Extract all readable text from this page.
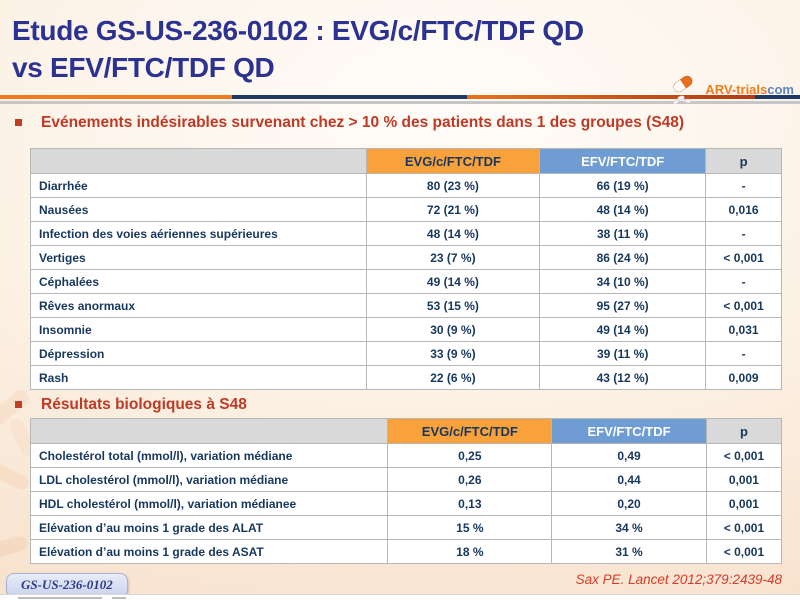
Etude GS-US-236-0102 : EVG/c/FTC/TDF QD
vs EFV/FTC/TDF QD
ARV-trialscom
Evénements indésirables survenant chez > 10 % des patients dans 1 des groupes (S48)
	EVG/c/FTC/TDF	EFV/FTC/TDF	p
Diarrhée	80 (23 %)	66 (19 %)	-
Nausées	72 (21 %)	48 (14 %)	0,016
Infection des voies aériennes supérieures	48 (14 %)	38 (11 %)	-
Vertiges	23 (7 %)	86 (24 %)	< 0,001
Céphalées	49 (14 %)	34 (10 %)	-
Rêves anormaux	53 (15 %)	95 (27 %)	< 0,001
Insomnie	30 (9 %)	49 (14 %)	0,031
Dépression	33 (9 %)	39 (11 %)	-
Rash	22 (6 %)	43 (12 %)	0,009
Résultats biologiques à S48
	EVG/c/FTC/TDF	EFV/FTC/TDF	p
Cholestérol total (mmol/l), variation médiane	0,25	0,49	< 0,001
LDL cholestérol (mmol/l), variation médiane	0,26	0,44	0,001
HDL cholestérol (mmol/l), variation médianee	0,13	0,20	0,001
Elévation d’au moins 1 grade des ALAT	15 %	34 %	< 0,001
Elévation d’au moins 1 grade des ASAT	18 %	31 %	< 0,001
GS-US-236-0102	Sax PE. Lancet 2012;379:2439-48
